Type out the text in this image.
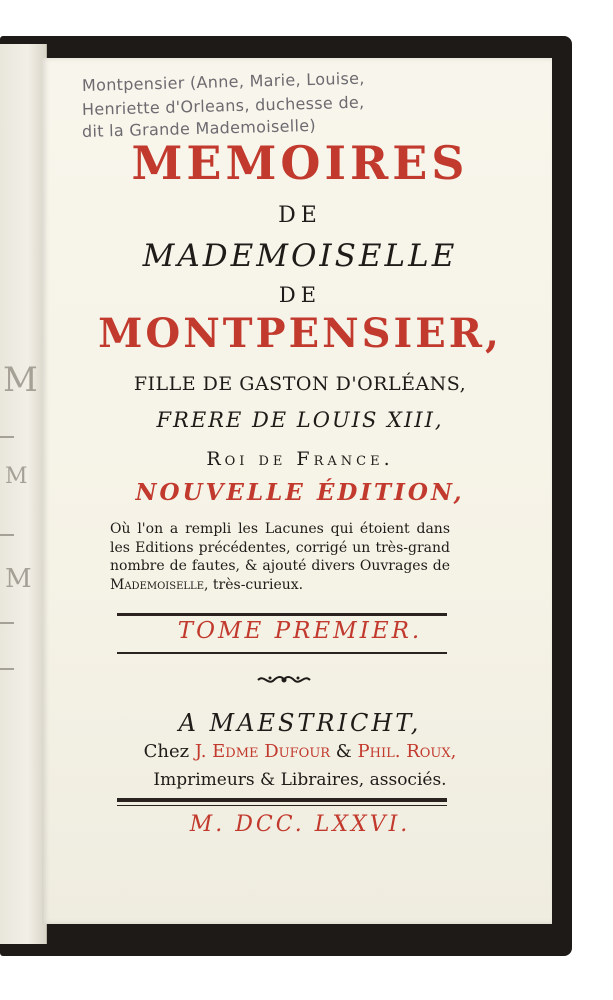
M
M
M
Montpensier (Anne, Marie, Louise,
Henriette d'Orleans, duchesse de,
dit la Grande Mademoiselle)
MEMOIRES
DE
MADEMOISELLE
DE
MONTPENSIER,
FILLE DE GASTON D'ORLÉANS,
FRERE DE LOUIS XIII,
Roi de France.
NOUVELLE ÉDITION,
Où l'on a rempli les Lacunes qui étoient dans les Editions précédentes, corrigé un très-grand nombre de fautes, & ajouté divers Ouvrages de Mademoiselle, très-curieux.
TOME PREMIER.
A MAESTRICHT,
Chez J. Edme Dufour & Phil. Roux,
Imprimeurs & Libraires, associés.
M. DCC. LXXVI.
